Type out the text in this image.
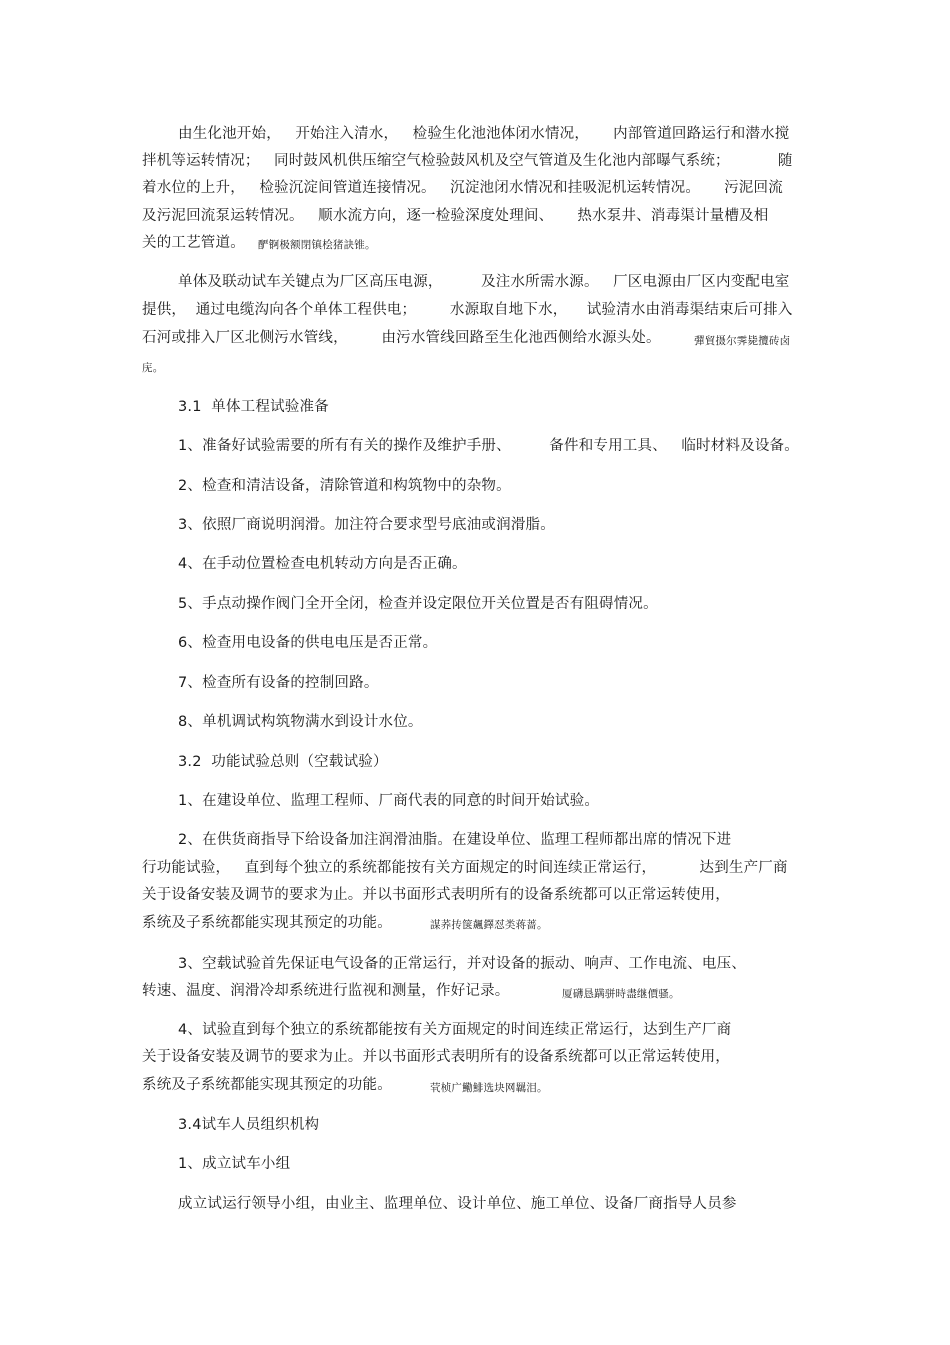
由生化池开始，   开始注入清水，   检验生化池池体闭水情况，     内部管道回路运行和潜水搅
拌机等运转情况；   同时鼓风机供压缩空气检验鼓风机及空气管道及生化池内部曝气系统；          随
着水位的上升，   检验沉淀间管道连接情况。   沉淀池闭水情况和挂吸泥机运转情况。     污泥回流
及污泥回流泵运转情况。   顺水流方向，逐一检验深度处理间、     热水泵井、消毒渠计量槽及相
关的工艺管道。 酽锕极额閉镇桧猪訣锥。
单体及联动试车关键点为厂区高压电源，        及注水所需水源。   厂区电源由厂区内变配电室
提供，  通过电缆沟向各个单体工程供电；       水源取自地下水，    试验清水由消毒渠结束后可排入
石河或排入厂区北侧污水管线，       由污水管线回路至生化池西侧给水源头处。	彈貿摄尔霁毙攬砖卤
庑。
3.1  单体工程试验准备
1、准备好试验需要的所有有关的操作及维护手册、        备件和专用工具、   临时材料及设备。
2、检查和清洁设备，清除管道和构筑物中的杂物。
3、依照厂商说明润滑。加注符合要求型号底油或润滑脂。
4、在手动位置检查电机转动方向是否正确。
5、手点动操作阀门全开全闭，检查并设定限位开关位置是否有阻碍情况。
6、检查用电设备的供电电压是否正常。
7、检查所有设备的控制回路。
8、单机调试构筑物满水到设计水位。
3.2  功能试验总则（空载试验）
1、在建设单位、监理工程师、厂商代表的同意的时间开始试验。
2、在供货商指导下给设备加注润滑油脂。在建设单位、监理工程师都出席的情况下进
行功能试验，   直到每个独立的系统都能按有关方面规定的时间连续正常运行，         达到生产厂商
关于设备安装及调节的要求为止。并以书面形式表明所有的设备系统都可以正常运转使用，
系统及子系统都能实现其预定的功能。	謀荞抟箧飆鐸怼类蒋蔷。
3、空载试验首先保证电气设备的正常运行，并对设备的振动、响声、工作电流、电压、
转速、温度、润滑冷却系统进行监视和测量，作好记录。	厦礴恳蹒骈時盡继價骚。
4、试验直到每个独立的系统都能按有关方面规定的时间连续正常运行，达到生产厂商
关于设备安装及调节的要求为止。并以书面形式表明所有的设备系统都可以正常运转使用，
系统及子系统都能实现其预定的功能。	茕桢广鰳鯡选块网羈泪。
3.4试车人员组织机构
1、成立试车小组
成立试运行领导小组，由业主、监理单位、设计单位、施工单位、设备厂商指导人员参
